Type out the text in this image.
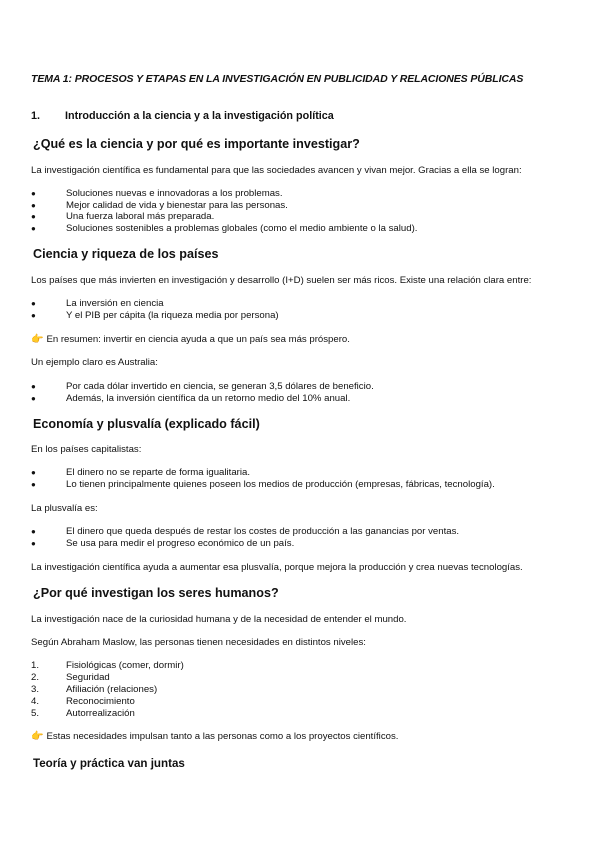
TEMA 1: PROCESOS Y ETAPAS EN LA INVESTIGACIÓN EN PUBLICIDAD Y RELACIONES PÚBLICAS
1. Introducción a la ciencia y a la investigación política
¿Qué es la ciencia y por qué es importante investigar?
La investigación científica es fundamental para que las sociedades avancen y vivan mejor. Gracias a ella se logran:
●	Soluciones nuevas e innovadoras a los problemas.
●	Mejor calidad de vida y bienestar para las personas.
●	Una fuerza laboral más preparada.
●	Soluciones sostenibles a problemas globales (como el medio ambiente o la salud).
Ciencia y riqueza de los países
Los países que más invierten en investigación y desarrollo (I+D) suelen ser más ricos. Existe una relación clara entre:
●	La inversión en ciencia
●	Y el PIB per cápita (la riqueza media por persona)
👉 En resumen: invertir en ciencia ayuda a que un país sea más próspero.
Un ejemplo claro es Australia:
●	Por cada dólar invertido en ciencia, se generan 3,5 dólares de beneficio.
●	Además, la inversión científica da un retorno medio del 10% anual.
Economía y plusvalía (explicado fácil)
En los países capitalistas:
●	El dinero no se reparte de forma igualitaria.
●	Lo tienen principalmente quienes poseen los medios de producción (empresas, fábricas, tecnología).
La plusvalía es:
●	El dinero que queda después de restar los costes de producción a las ganancias por ventas.
●	Se usa para medir el progreso económico de un país.
La investigación científica ayuda a aumentar esa plusvalía, porque mejora la producción y crea nuevas tecnologías.
¿Por qué investigan los seres humanos?
La investigación nace de la curiosidad humana y de la necesidad de entender el mundo.
Según Abraham Maslow, las personas tienen necesidades en distintos niveles:
1.	Fisiológicas (comer, dormir)
2.	Seguridad
3.	Afiliación (relaciones)
4.	Reconocimiento
5.	Autorrealización
👉 Estas necesidades impulsan tanto a las personas como a los proyectos científicos.
Teoría y práctica van juntas
